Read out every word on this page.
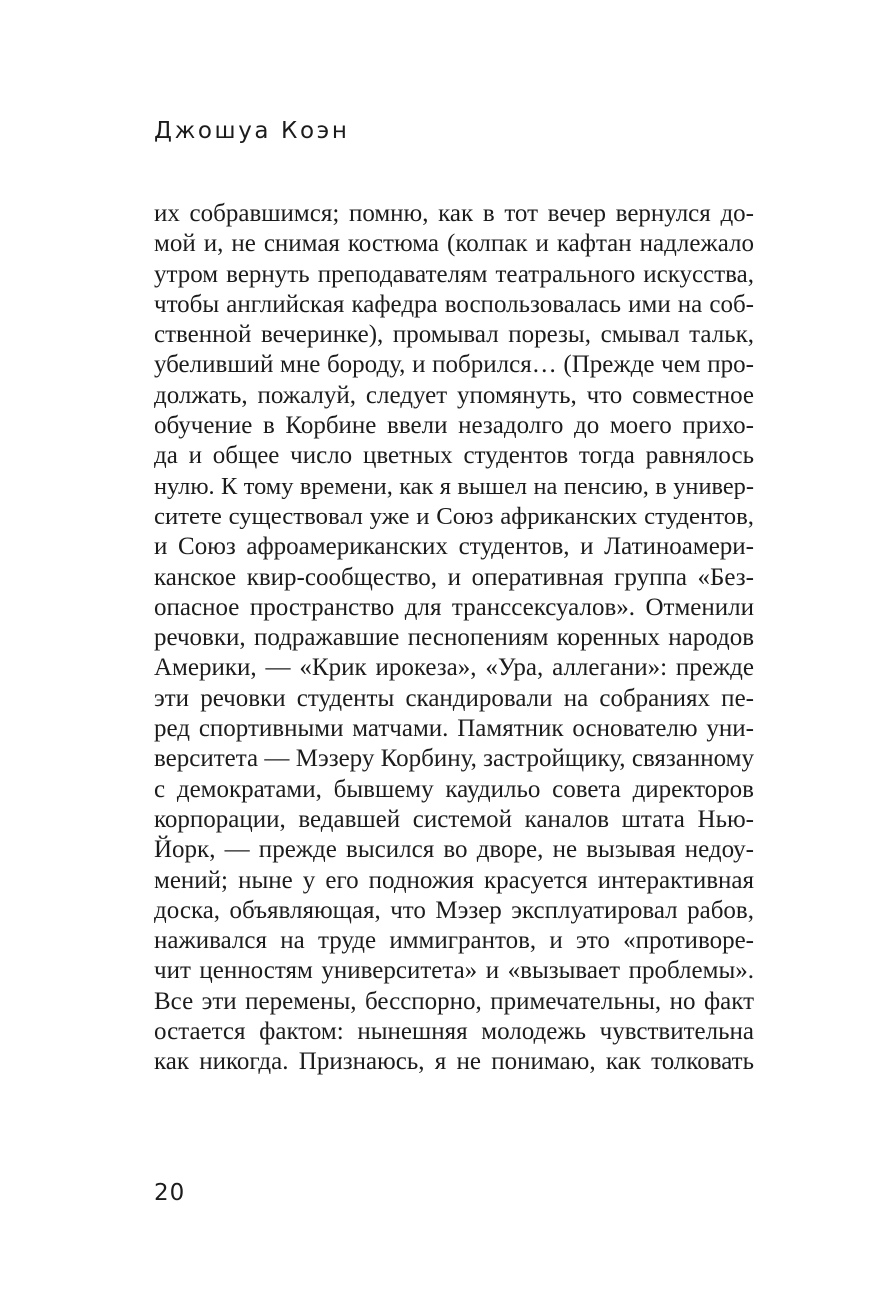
Джошуа Коэн
их собравшимся; помню, как в тот вечер вернулся до-
мой и, не снимая костюма (колпак и кафтан надлежало
утром вернуть преподавателям театрального искусства,
чтобы английская кафедра воспользовалась ими на соб-
ственной вечеринке), промывал порезы, смывал тальк,
убеливший мне бороду, и побрился… (Прежде чем про-
должать, пожалуй, следует упомянуть, что совместное
обучение в Корбине ввели незадолго до моего прихо-
да и общее число цветных студентов тогда равнялось
нулю. К тому времени, как я вышел на пенсию, в универ-
ситете существовал уже и Союз африканских студентов,
и Союз афроамериканских студентов, и Латиноамери-
канское квир-сообщество, и оперативная группа «Без-
опасное пространство для транссексуалов». Отменили
речовки, подражавшие песнопениям коренных народов
Америки, — «Крик ирокеза», «Ура, аллегани»: прежде
эти речовки студенты скандировали на собраниях пе-
ред спортивными матчами. Памятник основателю уни-
верситета — Мэзеру Корбину, застройщику, связанному
с демократами, бывшему каудильо совета директоров
корпорации, ведавшей системой каналов штата Нью-
Йорк, — прежде высился во дворе, не вызывая недоу-
мений; ныне у его подножия красуется интерактивная
доска, объявляющая, что Мэзер эксплуатировал рабов,
наживался на труде иммигрантов, и это «противоре-
чит ценностям университета» и «вызывает проблемы».
Все эти перемены, бесспорно, примечательны, но факт
остается фактом: нынешняя молодежь чувствительна
как никогда. Признаюсь, я не понимаю, как толковать
20
